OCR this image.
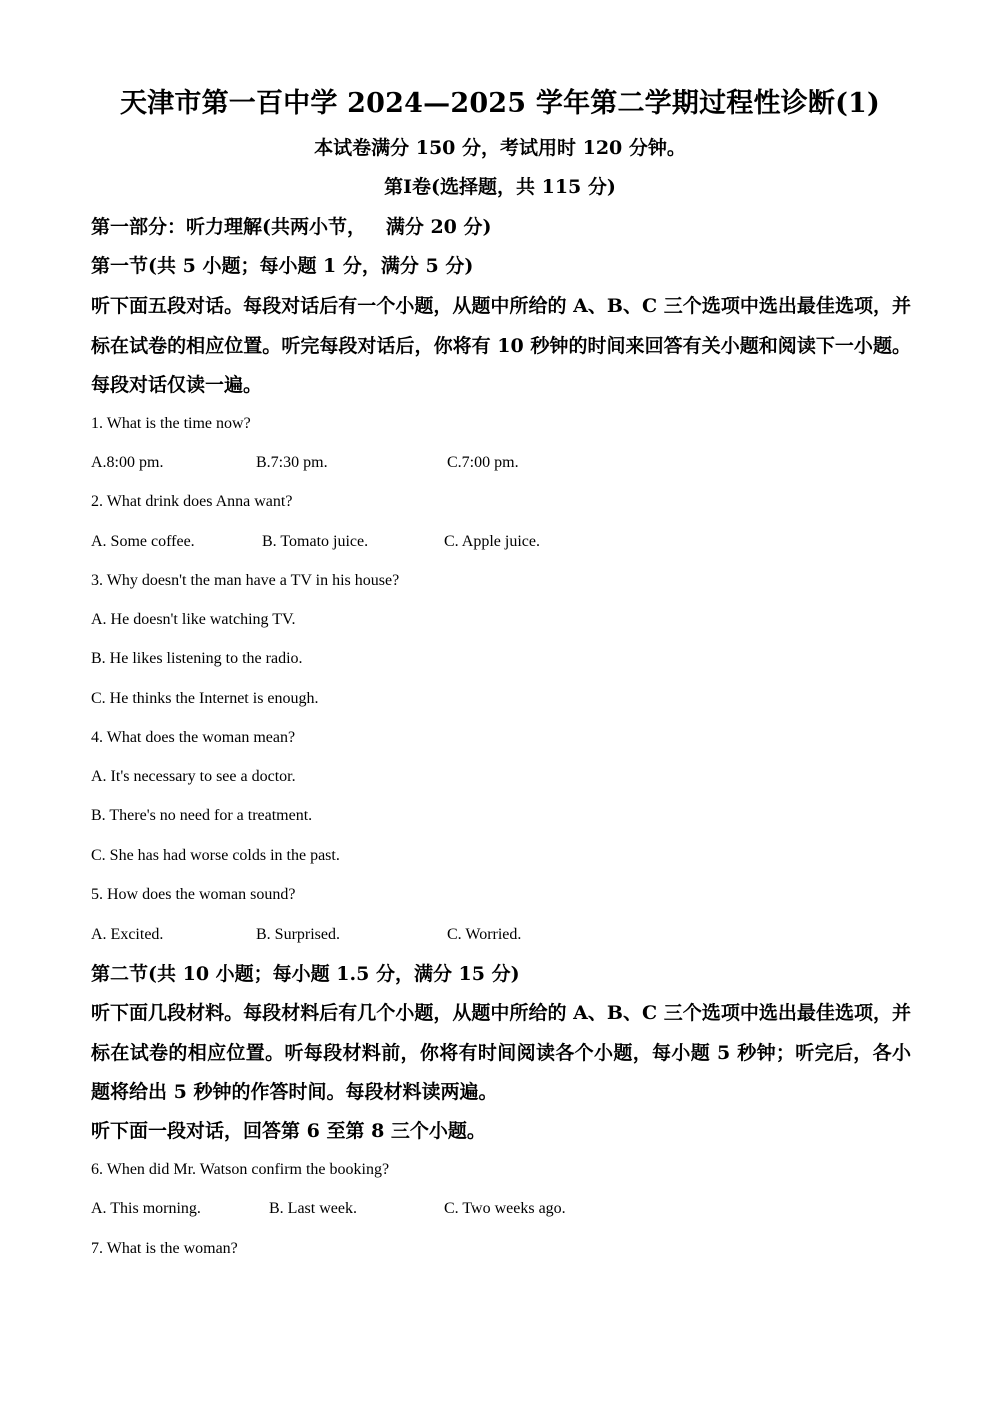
天津市第一百中学 2024—2025 学年第二学期过程性诊断(1)
本试卷满分 150 分，考试用时 120 分钟。
第Ⅰ卷(选择题，共 115 分)
第一部分：听力理解(共两小节，   满分 20 分)
第一节(共 5 小题；每小题 1 分，满分 5 分)
听下面五段对话。每段对话后有一个小题，从题中所给的 A、B、C 三个选项中选出最佳选项，并标在试卷的相应位置。听完每段对话后，你将有 10 秒钟的时间来回答有关小题和阅读下一小题。每段对话仅读一遍。
1. What is the time now?
A.8:00 pm.	B.7:30 pm.	C.7:00 pm.
2. What drink does Anna want?
A. Some coffee.	B. Tomato juice.	C. Apple juice.
3. Why doesn't the man have a TV in his house?
A. He doesn't like watching TV.
B. He likes listening to the radio.
C. He thinks the Internet is enough.
4. What does the woman mean?
A. It's necessary to see a doctor.
B. There's no need for a treatment.
C. She has had worse colds in the past.
5. How does the woman sound?
A. Excited.	B. Surprised.	C. Worried.
第二节(共 10 小题；每小题 1.5 分，满分 15 分)
听下面几段材料。每段材料后有几个小题，从题中所给的 A、B、C 三个选项中选出最佳选项，并标在试卷的相应位置。听每段材料前，你将有时间阅读各个小题，每小题 5 秒钟；听完后，各小题将给出 5 秒钟的作答时间。每段材料读两遍。
听下面一段对话，回答第 6 至第 8 三个小题。
6. When did Mr. Watson confirm the booking?
A. This morning.	B. Last week.	C. Two weeks ago.
7. What is the woman?
